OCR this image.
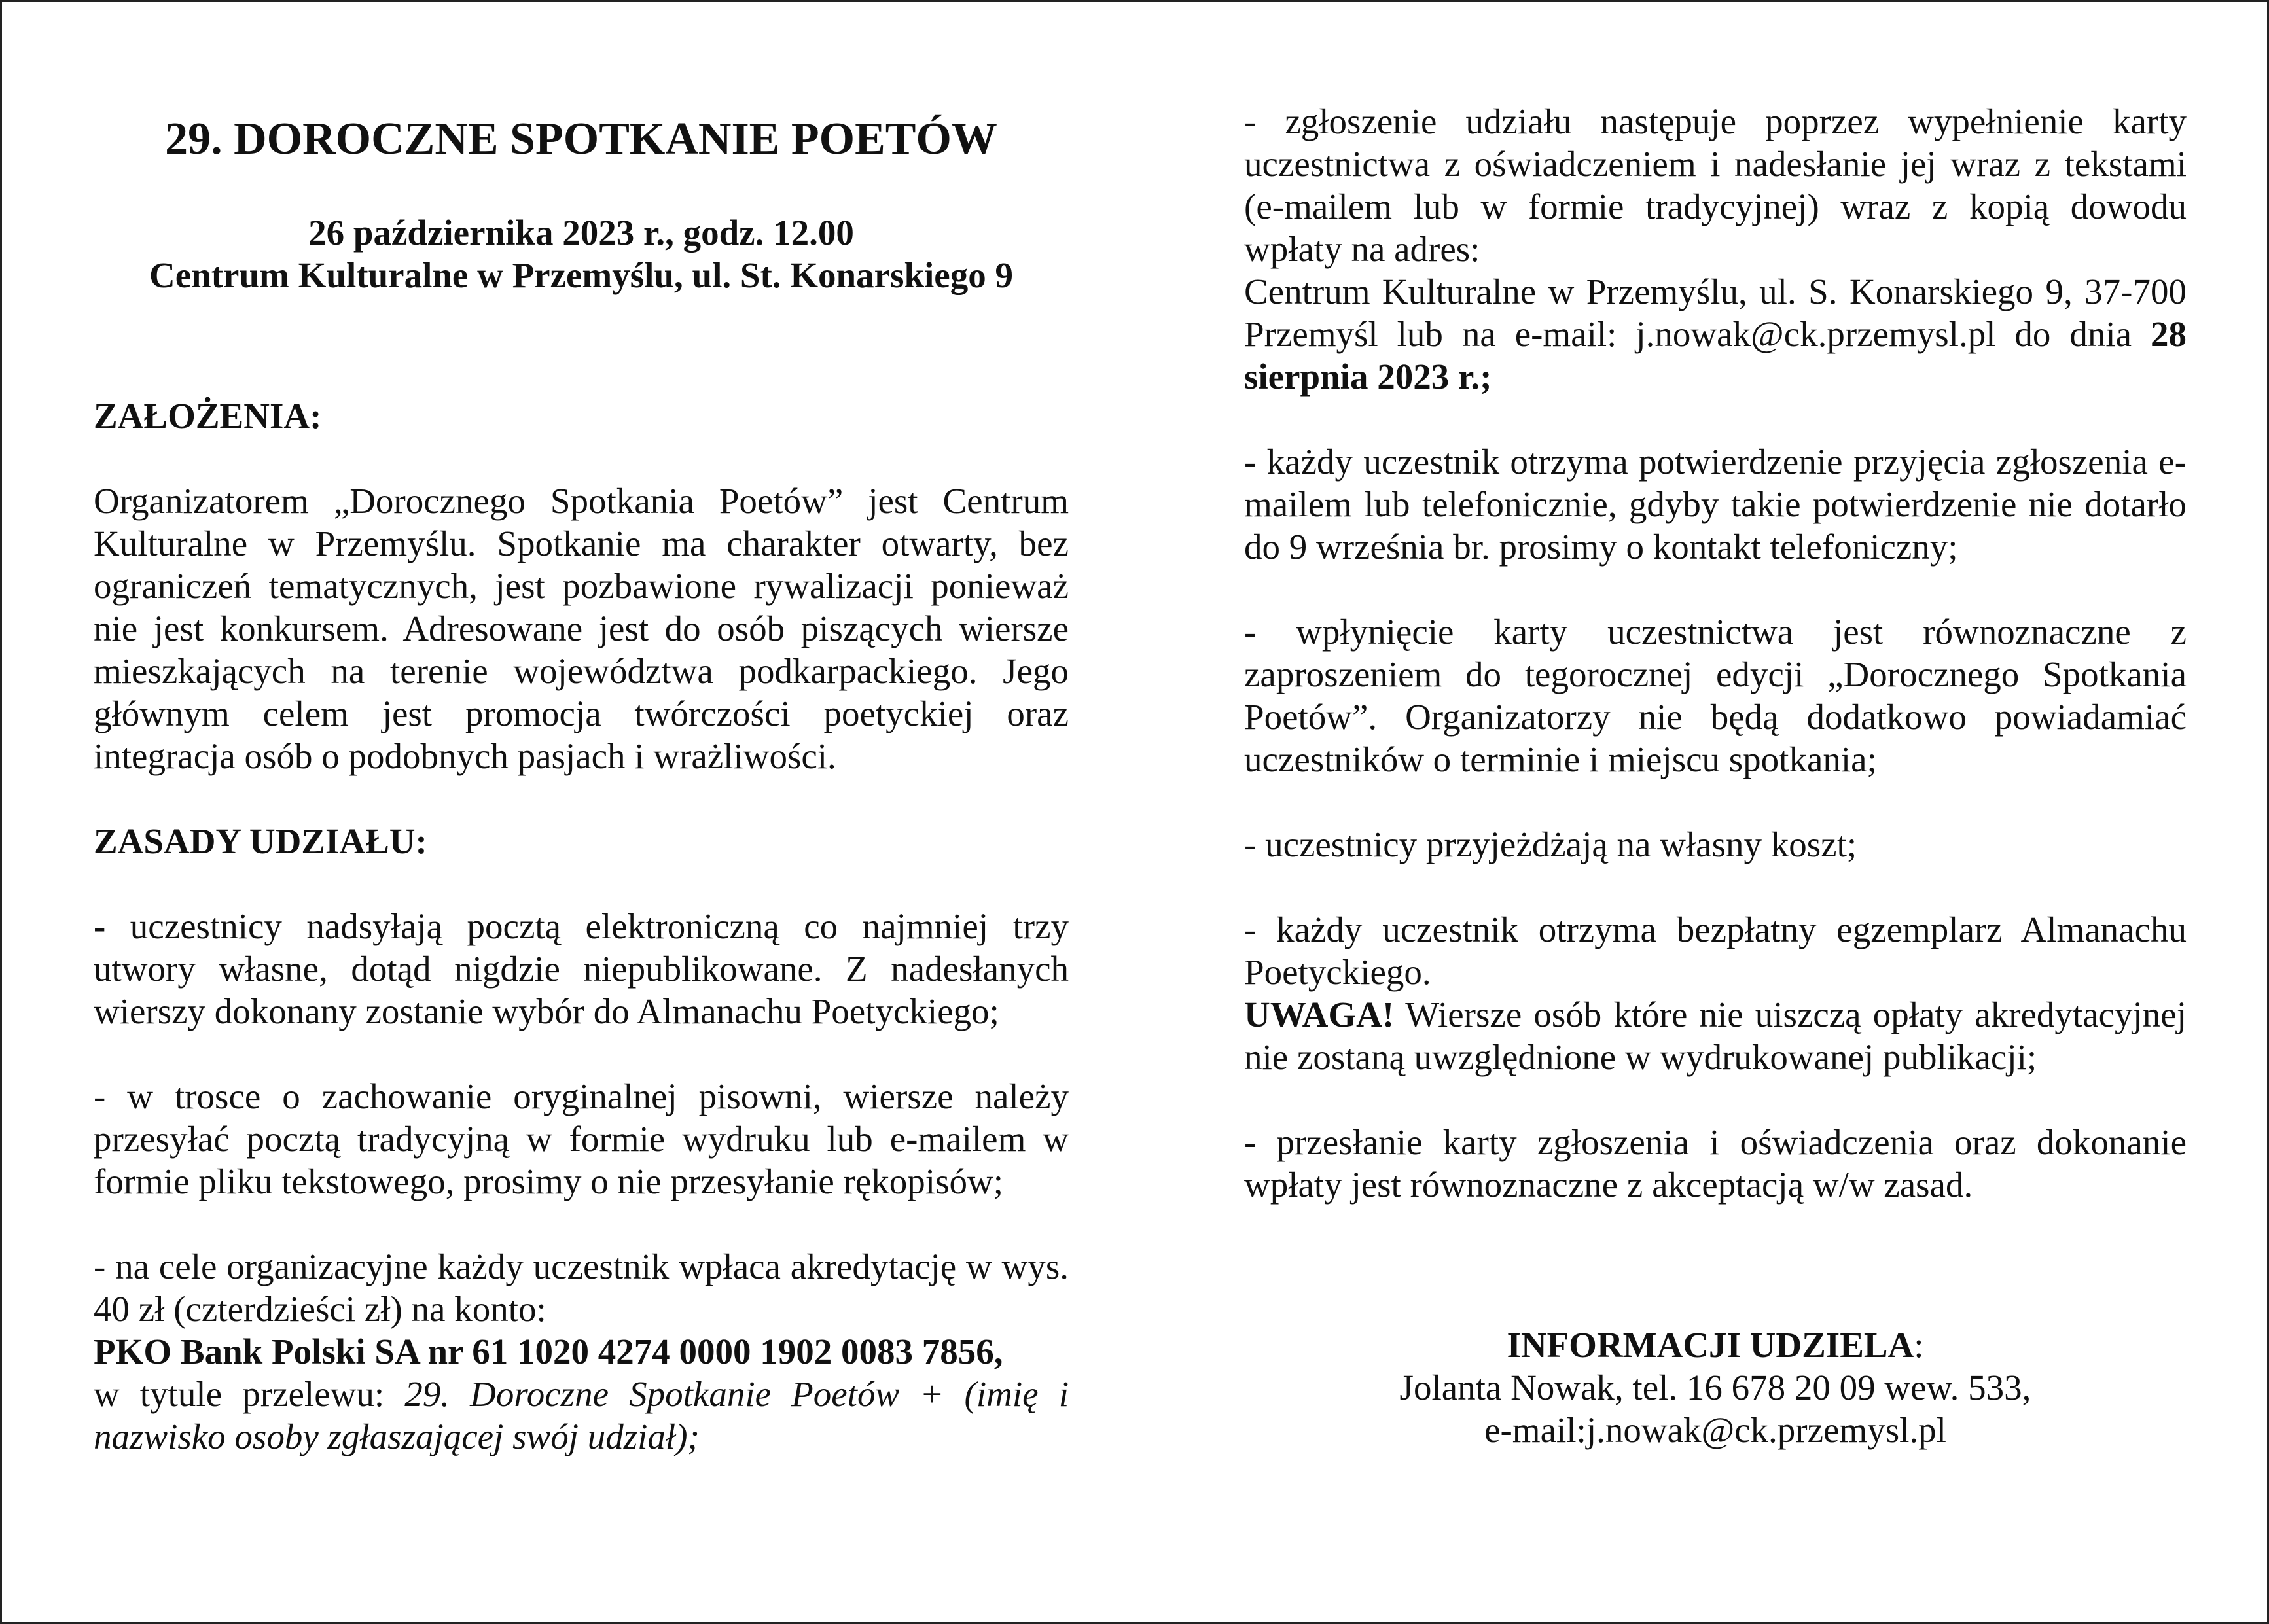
29. DOROCZNE SPOTKANIE POETÓW

26 października 2023 r., godz. 12.00

Centrum Kulturalne w Przemyślu, ul. St. Konarskiego 9

ZAŁOŻENIA:

Organizatorem „Dorocznego Spotkania Poetów” jest Centrum Kulturalne w Przemyślu. Spotkanie ma charakter otwarty, bez ograniczeń tematycznych, jest pozbawione rywalizacji ponieważ nie jest konkursem. Adresowane jest do osób piszących wiersze mieszkających na terenie województwa podkarpackiego. Jego głównym celem jest promocja twórczości poetyckiej oraz integracja osób o podobnych pasjach i wrażliwości.

ZASADY UDZIAŁU:

- uczestnicy nadsyłają pocztą elektroniczną co najmniej trzy utwory własne, dotąd nigdzie niepublikowane. Z nadesłanych wierszy dokonany zostanie wybór do Almanachu Poetyckiego;

- w trosce o zachowanie oryginalnej pisowni, wiersze należy przesyłać pocztą tradycyjną w formie wydruku lub e-mailem w formie pliku tekstowego, prosimy o nie przesyłanie rękopisów;

- na cele organizacyjne każdy uczestnik wpłaca akredytację w wys. 40 zł (czterdzieści zł) na konto:

PKO Bank Polski SA nr 61 1020 4274 0000 1902 0083 7856,

w tytule przelewu: 29. Doroczne Spotkanie Poetów + (imię i nazwisko osoby zgłaszającej swój udział);

- zgłoszenie udziału następuje poprzez wypełnienie karty uczestnictwa z oświadczeniem i nadesłanie jej wraz z tekstami (e-mailem lub w formie tradycyjnej) wraz z kopią dowodu wpłaty na adres:

Centrum Kulturalne w Przemyślu, ul. S. Konarskiego 9, 37-700 Przemyśl lub na e-mail: j.nowak@ck.przemysl.pl do dnia 28 sierpnia 2023 r.;

- każdy uczestnik otrzyma potwierdzenie przyjęcia zgłoszenia e-mailem lub telefonicznie, gdyby takie potwierdzenie nie dotarło do 9 września br. prosimy o kontakt telefoniczny;

- wpłynięcie karty uczestnictwa jest równoznaczne z zaproszeniem do tegorocznej edycji „Dorocznego Spotkania Poetów”. Organizatorzy nie będą dodatkowo powiadamiać uczestników o terminie i miejscu spotkania;

- uczestnicy przyjeżdżają na własny koszt;

- każdy uczestnik otrzyma bezpłatny egzemplarz Almanachu Poetyckiego.

UWAGA! Wiersze osób które nie uiszczą opłaty akredytacyjnej nie zostaną uwzględnione w wydrukowanej publikacji;

- przesłanie karty zgłoszenia i oświadczenia oraz dokonanie wpłaty jest równoznaczne z akceptacją w/w zasad.

INFORMACJI UDZIELA:

Jolanta Nowak, tel. 16 678 20 09 wew. 533,

e-mail:j.nowak@ck.przemysl.pl
